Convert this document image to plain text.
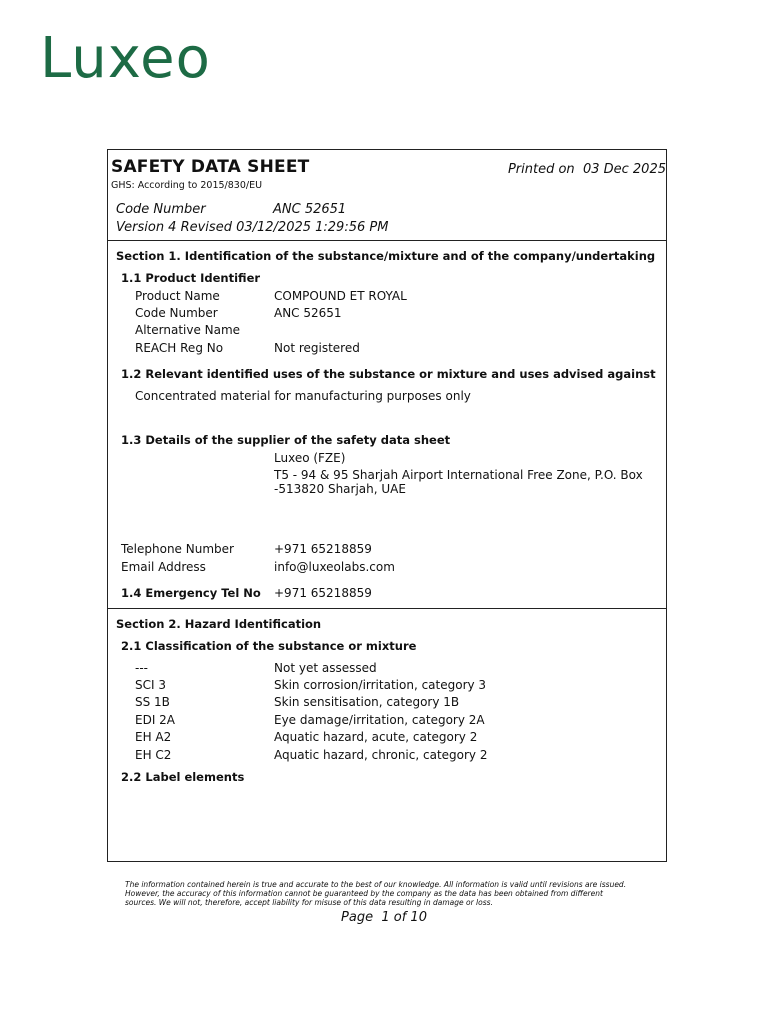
Luxeo
SAFETY DATA SHEET	Printed on  03 Dec 2025
GHS: According to 2015/830/EU
Code Number	ANC 52651
Version 4 Revised 03/12/2025 1:29:56 PM
Section 1. Identification of the substance/mixture and of the company/undertaking
1.1 Product Identifier
Product Name	COMPOUND ET ROYAL
Code Number	ANC 52651
Alternative Name
REACH Reg No	Not registered
1.2 Relevant identified uses of the substance or mixture and uses advised against
Concentrated material for manufacturing purposes only
1.3 Details of the supplier of the safety data sheet
Luxeo (FZE)
T5 - 94 & 95 Sharjah Airport International Free Zone, P.O. Box
-513820 Sharjah, UAE
Telephone Number	+971 65218859
Email Address	info@luxeolabs.com
1.4 Emergency Tel No +971 65218859
Section 2. Hazard Identification
2.1 Classification of the substance or mixture
---	Not yet assessed
SCI 3	Skin corrosion/irritation, category 3
SS 1B	Skin sensitisation, category 1B
EDI 2A	Eye damage/irritation, category 2A
EH A2	Aquatic hazard, acute, category 2
EH C2	Aquatic hazard, chronic, category 2
2.2 Label elements
The information contained herein is true and accurate to the best of our knowledge. All information is valid until revisions are issued. However, the accuracy of this information cannot be guaranteed by the company as the data has been obtained from different sources. We will not, therefore, accept liability for misuse of this data resulting in damage or loss.
Page  1 of 10
